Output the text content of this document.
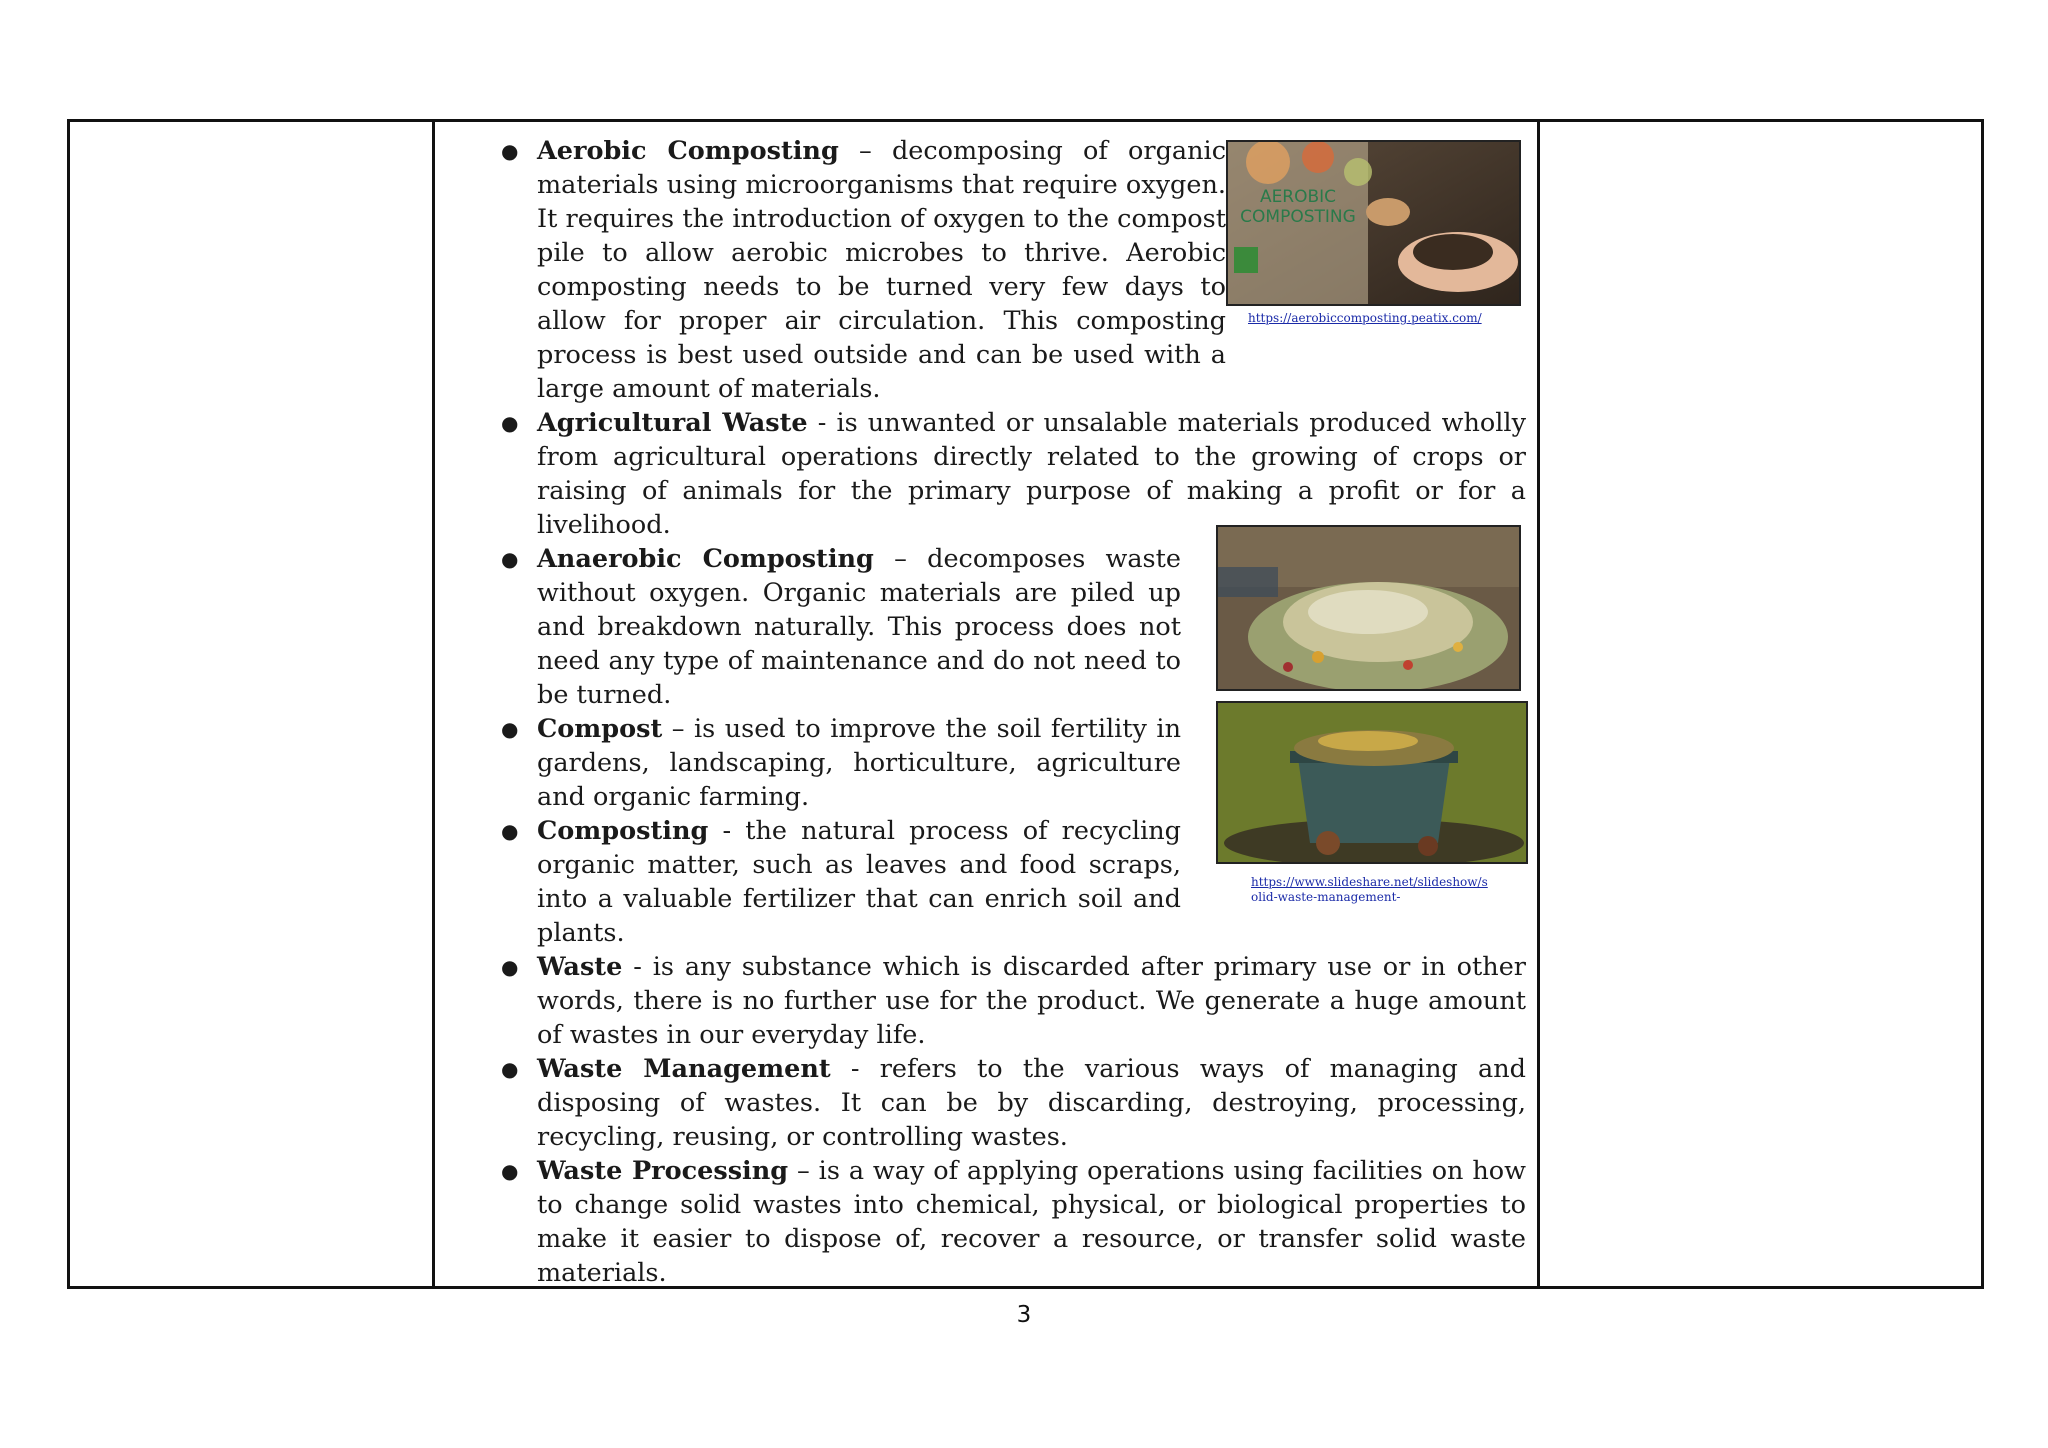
● Aerobic Composting – decomposing of organic materials using microorganisms that require oxygen. It requires the introduction of oxygen to the compost pile to allow aerobic microbes to thrive. Aerobic composting needs to be turned very few days to allow for proper air circulation. This composting process is best used outside and can be used with a large amount of materials.
● Agricultural Waste - is unwanted or unsalable materials produced wholly from agricultural operations directly related to the growing of crops or raising of animals for the primary purpose of making a profit or for a livelihood.
● Anaerobic Composting – decomposes waste without oxygen. Organic materials are piled up and breakdown naturally. This process does not need any type of maintenance and do not need to be turned.
● Compost – is used to improve the soil fertility in gardens, landscaping, horticulture, agriculture and organic farming.
● Composting - the natural process of recycling organic matter, such as leaves and food scraps, into a valuable fertilizer that can enrich soil and plants.
● Waste - is any substance which is discarded after primary use or in other words, there is no further use for the product. We generate a huge amount of wastes in our everyday life.
● Waste Management - refers to the various ways of managing and disposing of wastes. It can be by discarding, destroying, processing, recycling, reusing, or controlling wastes.
● Waste Processing – is a way of applying operations using facilities on how to change solid wastes into chemical, physical, or biological properties to make it easier to dispose of, recover a resource, or transfer solid waste materials.
AEROBIC
COMPOSTING
https://aerobiccomposting.peatix.com/
https://www.slideshare.net/slideshow/s
olid-waste-management-
3
